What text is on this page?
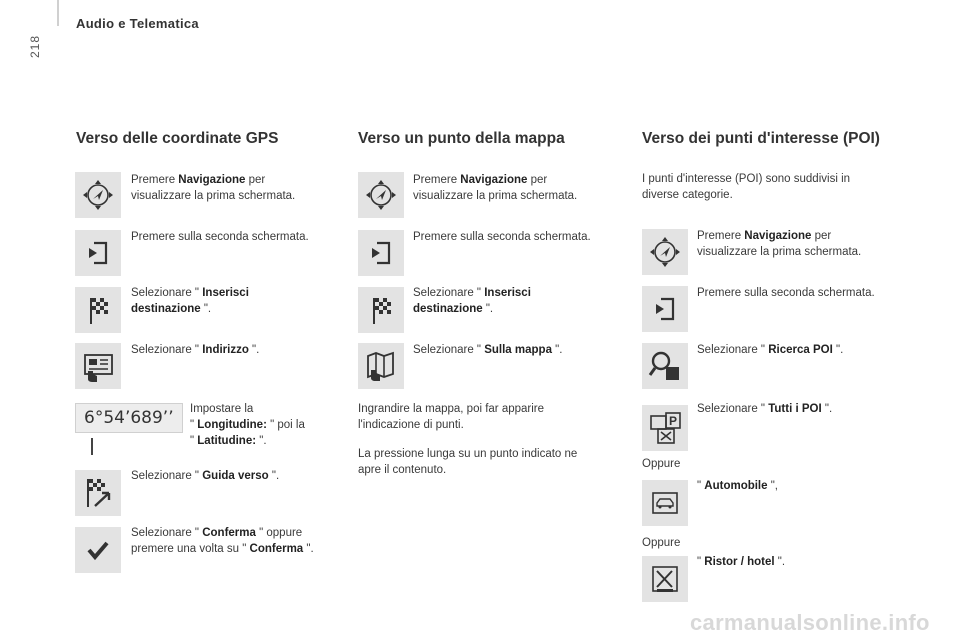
218
Audio e Telematica
Verso delle coordinate GPS
Premere Navigazione per
visualizzare la prima schermata.
Premere sulla seconda schermata.
Selezionare " Inserisci
destinazione ".
Selezionare " Indirizzo ".
6°54’689’’	Impostare la
" Longitudine: " poi la
" Latitudine: ".
Selezionare " Guida verso ".
Selezionare " Conferma " oppure
premere una volta su " Conferma ".
Verso un punto della mappa
Premere Navigazione per
visualizzare la prima schermata.
Premere sulla seconda schermata.
Selezionare " Inserisci
destinazione ".
Selezionare " Sulla mappa ".
Ingrandire la mappa, poi far apparire
l'indicazione di punti.
La pressione lunga su un punto indicato ne
apre il contenuto.
Verso dei punti d'interesse (POI)
I punti d'interesse (POI) sono suddivisi in
diverse categorie.
Premere Navigazione per
visualizzare la prima schermata.
Premere sulla seconda schermata.
Selezionare " Ricerca POI ".
P
Selezionare " Tutti i POI ".
Oppure
" Automobile ",
Oppure
" Ristor / hotel ".
carmanualsonline.info
